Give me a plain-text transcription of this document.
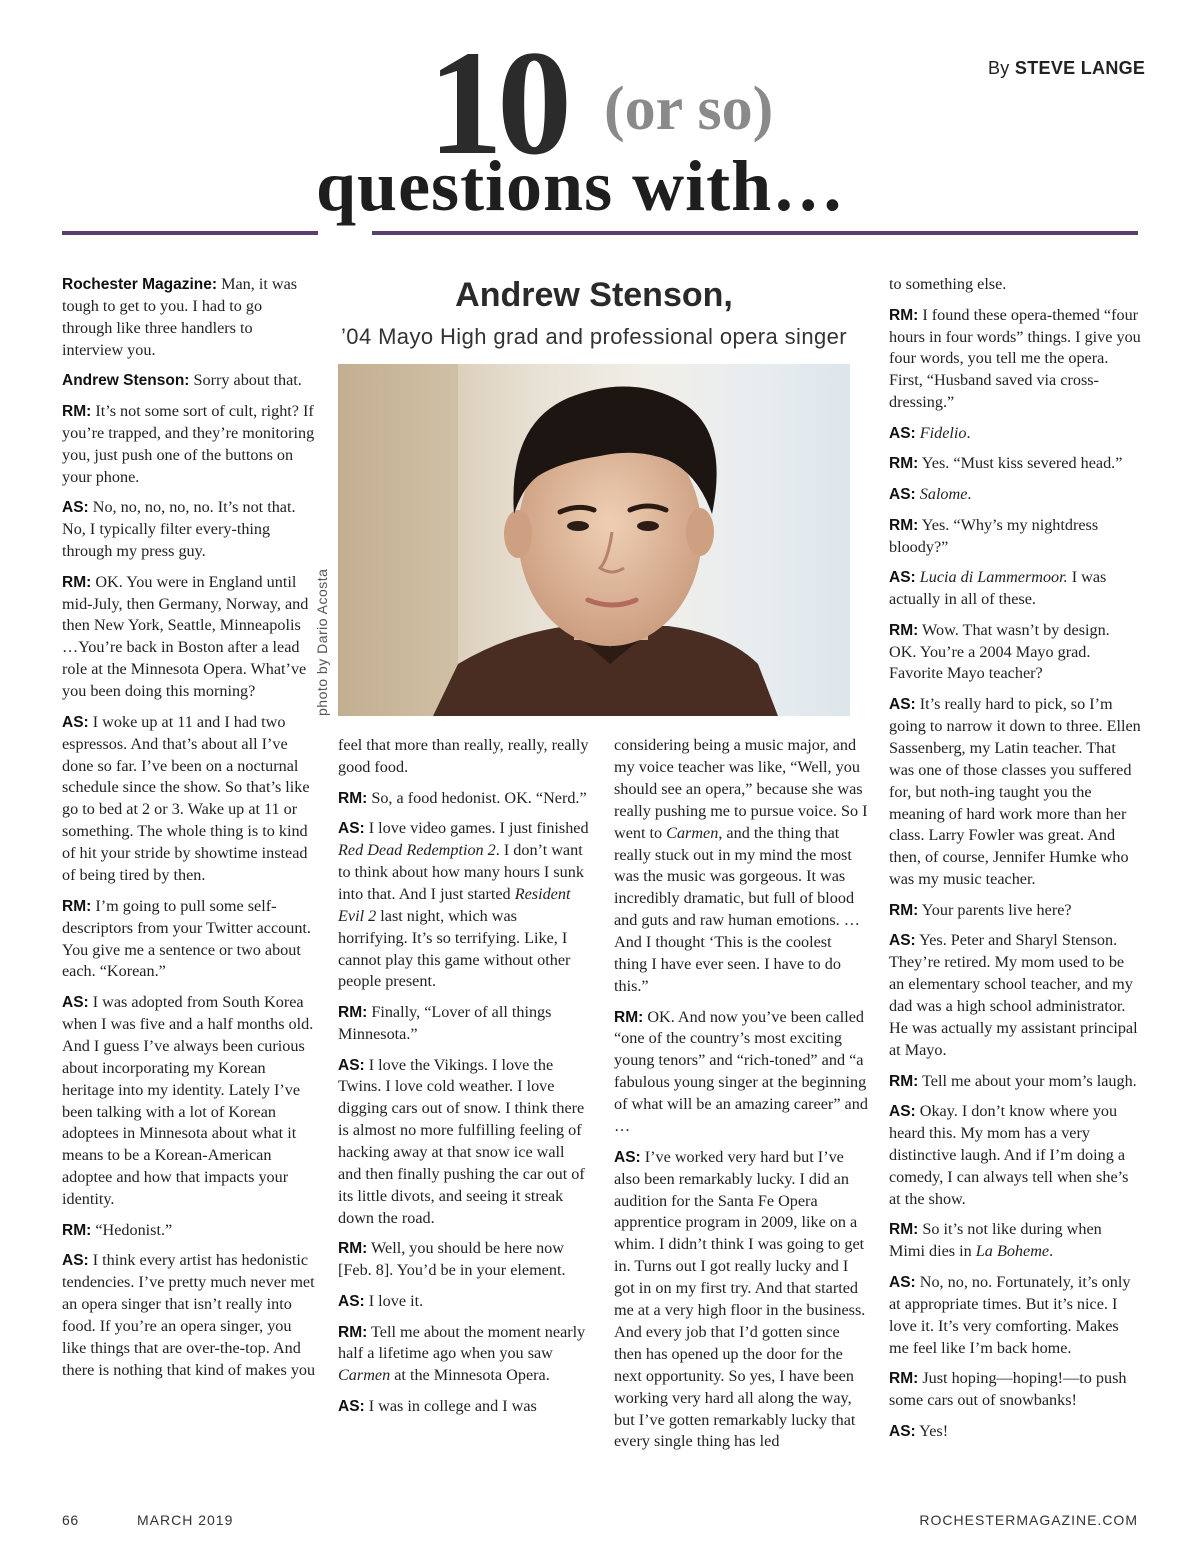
By STEVE LANGE
10 (or so)
questions with…
Andrew Stenson,
’04 Mayo High grad and professional opera singer
photo by Dario Acosta

Rochester Magazine: Man, it was tough to get to you. I had to go through like three handlers to interview you.

Andrew Stenson: Sorry about that.

RM: It’s not some sort of cult, right? If you’re trapped, and they’re monitoring you, just push one of the buttons on your phone.

AS: No, no, no, no, no. It’s not that. No, I typically filter every-thing through my press guy.

RM: OK. You were in England until mid-July, then Germany, Norway, and then New York, Seattle, Minneapolis …You’re back in Boston after a lead role at the Minnesota Opera. What’ve you been doing this morning?

AS: I woke up at 11 and I had two espressos. And that’s about all I’ve done so far. I’ve been on a nocturnal schedule since the show. So that’s like go to bed at 2 or 3. Wake up at 11 or something. The whole thing is to kind of hit your stride by showtime instead of being tired by then.

RM: I’m going to pull some self-descriptors from your Twitter account. You give me a sentence or two about each. “Korean.”

AS: I was adopted from South Korea when I was five and a half months old. And I guess I’ve always been curious about incorporating my Korean heritage into my identity. Lately I’ve been talking with a lot of Korean adoptees in Minnesota about what it means to be a Korean-American adoptee and how that impacts your identity.

RM: “Hedonist.”

AS: I think every artist has hedonistic tendencies. I’ve pretty much never met an opera singer that isn’t really into food. If you’re an opera singer, you like things that are over-the-top. And there is nothing that kind of makes you

feel that more than really, really, really good food.

RM: So, a food hedonist. OK. “Nerd.”

AS: I love video games. I just finished Red Dead Redemption 2. I don’t want to think about how many hours I sunk into that. And I just started Resident Evil 2 last night, which was horrifying. It’s so terrifying. Like, I cannot play this game without other people present.

RM: Finally, “Lover of all things Minnesota.”

AS: I love the Vikings. I love the Twins. I love cold weather. I love digging cars out of snow. I think there is almost no more fulfilling feeling of hacking away at that snow ice wall and then finally pushing the car out of its little divots, and seeing it streak down the road.

RM: Well, you should be here now [Feb. 8]. You’d be in your element.

AS: I love it.

RM: Tell me about the moment nearly half a lifetime ago when you saw Carmen at the Minnesota Opera.

AS: I was in college and I was

considering being a music major, and my voice teacher was like, “Well, you should see an opera,” because she was really pushing me to pursue voice. So I went to Carmen, and the thing that really stuck out in my mind the most was the music was gorgeous. It was incredibly dramatic, but full of blood and guts and raw human emotions. … And I thought ‘This is the coolest thing I have ever seen. I have to do this.”

RM: OK. And now you’ve been called “one of the country’s most exciting young tenors” and “rich-toned” and “a fabulous young singer at the beginning of what will be an amazing career” and …

AS: I’ve worked very hard but I’ve also been remarkably lucky. I did an audition for the Santa Fe Opera apprentice program in 2009, like on a whim. I didn’t think I was going to get in. Turns out I got really lucky and I got in on my first try. And that started me at a very high floor in the business. And every job that I’d gotten since then has opened up the door for the next opportunity. So yes, I have been working very hard all along the way, but I’ve gotten remarkably lucky that every single thing has led

to something else.

RM: I found these opera-themed “four hours in four words” things. I give you four words, you tell me the opera. First, “Husband saved via cross-dressing.”

AS: Fidelio.

RM: Yes. “Must kiss severed head.”

AS: Salome.

RM: Yes. “Why’s my nightdress bloody?”

AS: Lucia di Lammermoor. I was actually in all of these.

RM: Wow. That wasn’t by design. OK. You’re a 2004 Mayo grad. Favorite Mayo teacher?

AS: It’s really hard to pick, so I’m going to narrow it down to three. Ellen Sassenberg, my Latin teacher. That was one of those classes you suffered for, but noth-ing taught you the meaning of hard work more than her class. Larry Fowler was great. And then, of course, Jennifer Humke who was my music teacher.

RM: Your parents live here?

AS: Yes. Peter and Sharyl Stenson. They’re retired. My mom used to be an elementary school teacher, and my dad was a high school administrator. He was actually my assistant principal at Mayo.

RM: Tell me about your mom’s laugh.

AS: Okay. I don’t know where you heard this. My mom has a very distinctive laugh. And if I’m doing a comedy, I can always tell when she’s at the show.

RM: So it’s not like during when Mimi dies in La Boheme.

AS: No, no, no. Fortunately, it’s only at appropriate times. But it’s nice. I love it. It’s very comforting. Makes me feel like I’m back home.

RM: Just hoping—hoping!—to push some cars out of snowbanks!

AS: Yes!

66	MARCH 2019	ROCHESTERMAGAZINE.COM
